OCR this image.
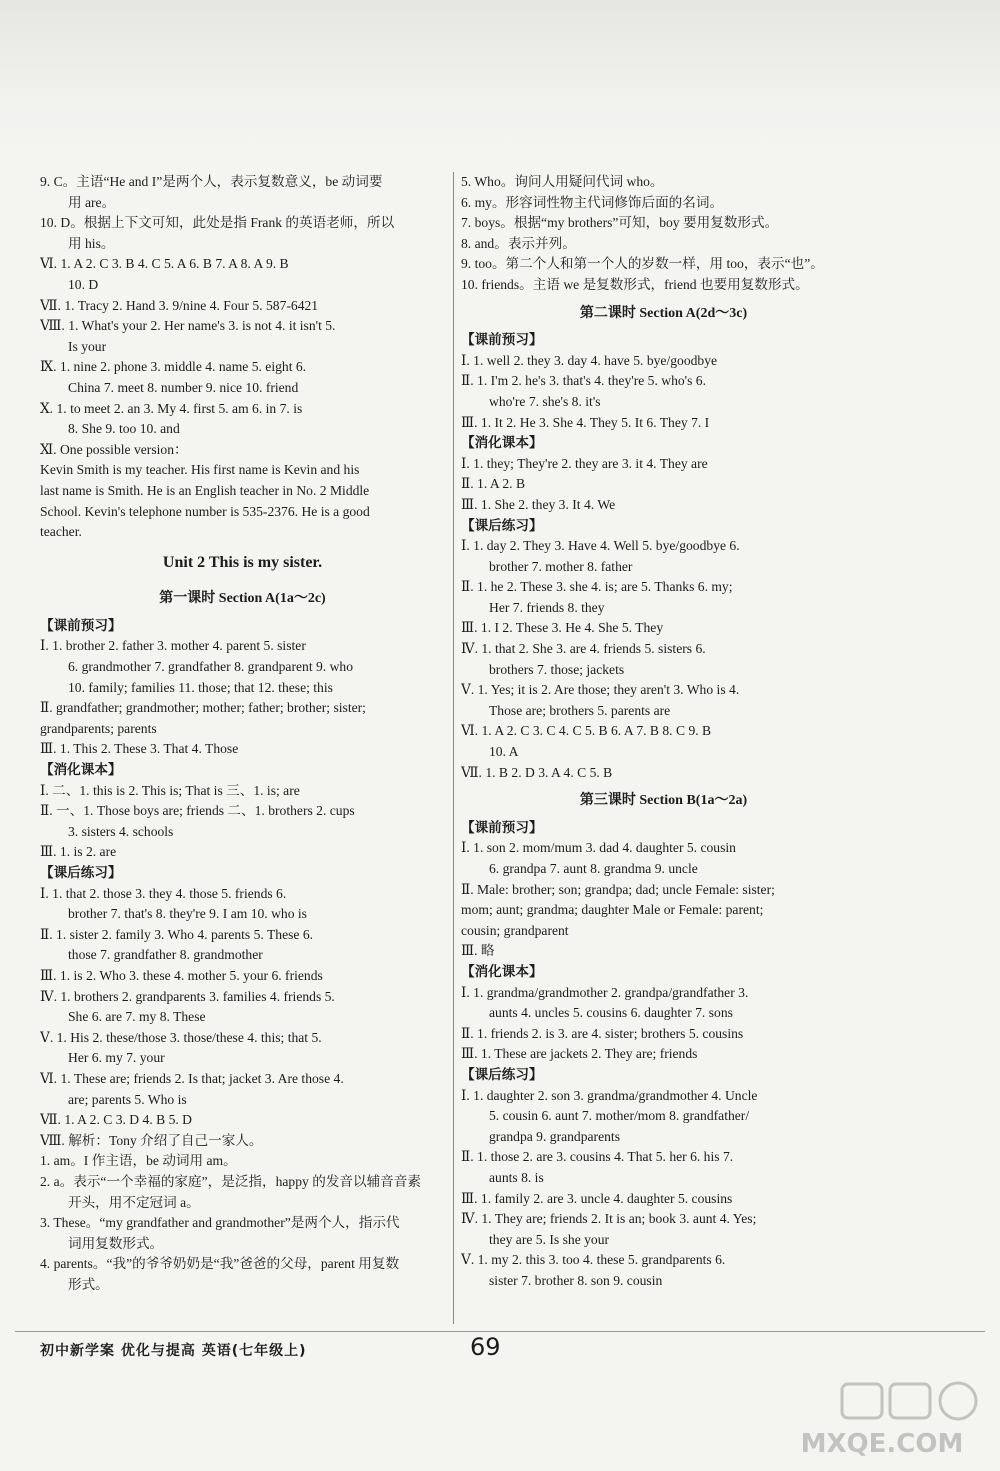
9. C。主语“He and I”是两个人，表示复数意义，be 动词要
用 are。
10. D。根据上下文可知，此处是指 Frank 的英语老师，所以
用 his。
Ⅵ. 1. A 2. C 3. B 4. C 5. A 6. B 7. A 8. A 9. B
10. D
Ⅶ. 1. Tracy 2. Hand 3. 9/nine 4. Four 5. 587-6421
Ⅷ. 1. What's your 2. Her name's 3. is not 4. it isn't 5.
Is your
Ⅸ. 1. nine 2. phone 3. middle 4. name 5. eight 6.
China 7. meet 8. number 9. nice 10. friend
Ⅹ. 1. to meet 2. an 3. My 4. first 5. am 6. in 7. is
8. She 9. too 10. and
Ⅺ. One possible version：
Kevin Smith is my teacher. His first name is Kevin and his
last name is Smith. He is an English teacher in No. 2 Middle
School. Kevin's telephone number is 535-2376. He is a good
teacher.
Unit 2 This is my sister.
第一课时 Section A(1a～2c)
【课前预习】
Ⅰ. 1. brother 2. father 3. mother 4. parent 5. sister
6. grandmother 7. grandfather 8. grandparent 9. who
10. family; families 11. those; that 12. these; this
Ⅱ. grandfather; grandmother; mother; father; brother; sister;
grandparents; parents
Ⅲ. 1. This 2. These 3. That 4. Those
【消化课本】
Ⅰ. 二、1. this is 2. This is; That is 三、1. is; are
Ⅱ. 一、1. Those boys are; friends 二、1. brothers 2. cups
3. sisters 4. schools
Ⅲ. 1. is 2. are
【课后练习】
Ⅰ. 1. that 2. those 3. they 4. those 5. friends 6.
brother 7. that's 8. they're 9. I am 10. who is
Ⅱ. 1. sister 2. family 3. Who 4. parents 5. These 6.
those 7. grandfather 8. grandmother
Ⅲ. 1. is 2. Who 3. these 4. mother 5. your 6. friends
Ⅳ. 1. brothers 2. grandparents 3. families 4. friends 5.
She 6. are 7. my 8. These
Ⅴ. 1. His 2. these/those 3. those/these 4. this; that 5.
Her 6. my 7. your
Ⅵ. 1. These are; friends 2. Is that; jacket 3. Are those 4.
are; parents 5. Who is
Ⅶ. 1. A 2. C 3. D 4. B 5. D
Ⅷ. 解析：Tony 介绍了自己一家人。
1. am。I 作主语，be 动词用 am。
2. a。表示“一个幸福的家庭”，是泛指，happy 的发音以辅音音素
开头，用不定冠词 a。
3. These。“my grandfather and grandmother”是两个人，指示代
词用复数形式。
4. parents。“我”的爷爷奶奶是“我”爸爸的父母，parent 用复数
形式。
5. Who。询问人用疑问代词 who。
6. my。形容词性物主代词修饰后面的名词。
7. boys。根据“my brothers”可知，boy 要用复数形式。
8. and。表示并列。
9. too。第二个人和第一个人的岁数一样，用 too，表示“也”。
10. friends。主语 we 是复数形式，friend 也要用复数形式。
第二课时 Section A(2d～3c)
【课前预习】
Ⅰ. 1. well 2. they 3. day 4. have 5. bye/goodbye
Ⅱ. 1. I'm 2. he's 3. that's 4. they're 5. who's 6.
who're 7. she's 8. it's
Ⅲ. 1. It 2. He 3. She 4. They 5. It 6. They 7. I
【消化课本】
Ⅰ. 1. they; They're 2. they are 3. it 4. They are
Ⅱ. 1. A 2. B
Ⅲ. 1. She 2. they 3. It 4. We
【课后练习】
Ⅰ. 1. day 2. They 3. Have 4. Well 5. bye/goodbye 6.
brother 7. mother 8. father
Ⅱ. 1. he 2. These 3. she 4. is; are 5. Thanks 6. my;
Her 7. friends 8. they
Ⅲ. 1. I 2. These 3. He 4. She 5. They
Ⅳ. 1. that 2. She 3. are 4. friends 5. sisters 6.
brothers 7. those; jackets
Ⅴ. 1. Yes; it is 2. Are those; they aren't 3. Who is 4.
Those are; brothers 5. parents are
Ⅵ. 1. A 2. C 3. C 4. C 5. B 6. A 7. B 8. C 9. B
10. A
Ⅶ. 1. B 2. D 3. A 4. C 5. B
第三课时 Section B(1a～2a)
【课前预习】
Ⅰ. 1. son 2. mom/mum 3. dad 4. daughter 5. cousin
6. grandpa 7. aunt 8. grandma 9. uncle
Ⅱ. Male: brother; son; grandpa; dad; uncle Female: sister;
mom; aunt; grandma; daughter Male or Female: parent;
cousin; grandparent
Ⅲ. 略
【消化课本】
Ⅰ. 1. grandma/grandmother 2. grandpa/grandfather 3.
aunts 4. uncles 5. cousins 6. daughter 7. sons
Ⅱ. 1. friends 2. is 3. are 4. sister; brothers 5. cousins
Ⅲ. 1. These are jackets 2. They are; friends
【课后练习】
Ⅰ. 1. daughter 2. son 3. grandma/grandmother 4. Uncle
5. cousin 6. aunt 7. mother/mom 8. grandfather/
grandpa 9. grandparents
Ⅱ. 1. those 2. are 3. cousins 4. That 5. her 6. his 7.
aunts 8. is
Ⅲ. 1. family 2. are 3. uncle 4. daughter 5. cousins
Ⅳ. 1. They are; friends 2. It is an; book 3. aunt 4. Yes;
they are 5. Is she your
Ⅴ. 1. my 2. this 3. too 4. these 5. grandparents 6.
sister 7. brother 8. son 9. cousin
初中新学案 优化与提高 英语(七年级上)	69
MXQE.COM
